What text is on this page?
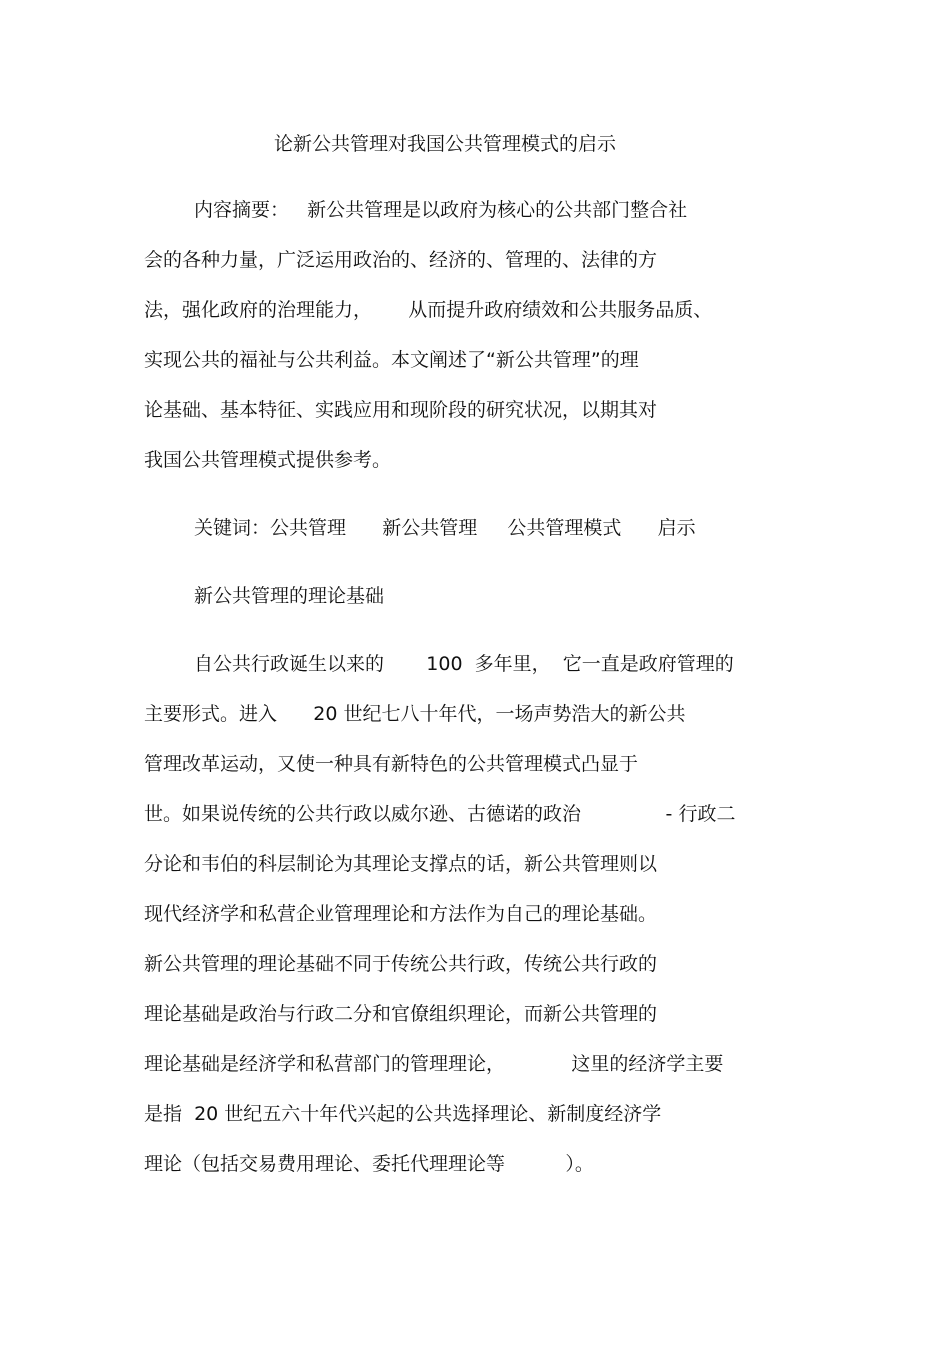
论新公共管理对我国公共管理模式的启示
内容摘要：   新公共管理是以政府为核心的公共部门整合社
会的各种力量，广泛运用政治的、经济的、管理的、法律的方
法，强化政府的治理能力，      从而提升政府绩效和公共服务品质、
实现公共的福祉与公共利益。本文阐述了“新公共管理”的理
论基础、基本特征、实践应用和现阶段的研究状况，以期其对
我国公共管理模式提供参考。
关键词：公共管理      新公共管理     公共管理模式      启示
新公共管理的理论基础
自公共行政诞生以来的       100  多年里，  它一直是政府管理的
主要形式。进入      20 世纪七八十年代，一场声势浩大的新公共
管理改革运动，又使一种具有新特色的公共管理模式凸显于
世。如果说传统的公共行政以威尔逊、古德诺的政治              - 行政二
分论和韦伯的科层制论为其理论支撑点的话，新公共管理则以
现代经济学和私营企业管理理论和方法作为自己的理论基础。
新公共管理的理论基础不同于传统公共行政，传统公共行政的
理论基础是政治与行政二分和官僚组织理论，而新公共管理的
理论基础是经济学和私营部门的管理理论，           这里的经济学主要
是指  20 世纪五六十年代兴起的公共选择理论、新制度经济学
理论（包括交易费用理论、委托代理理论等          ）。
